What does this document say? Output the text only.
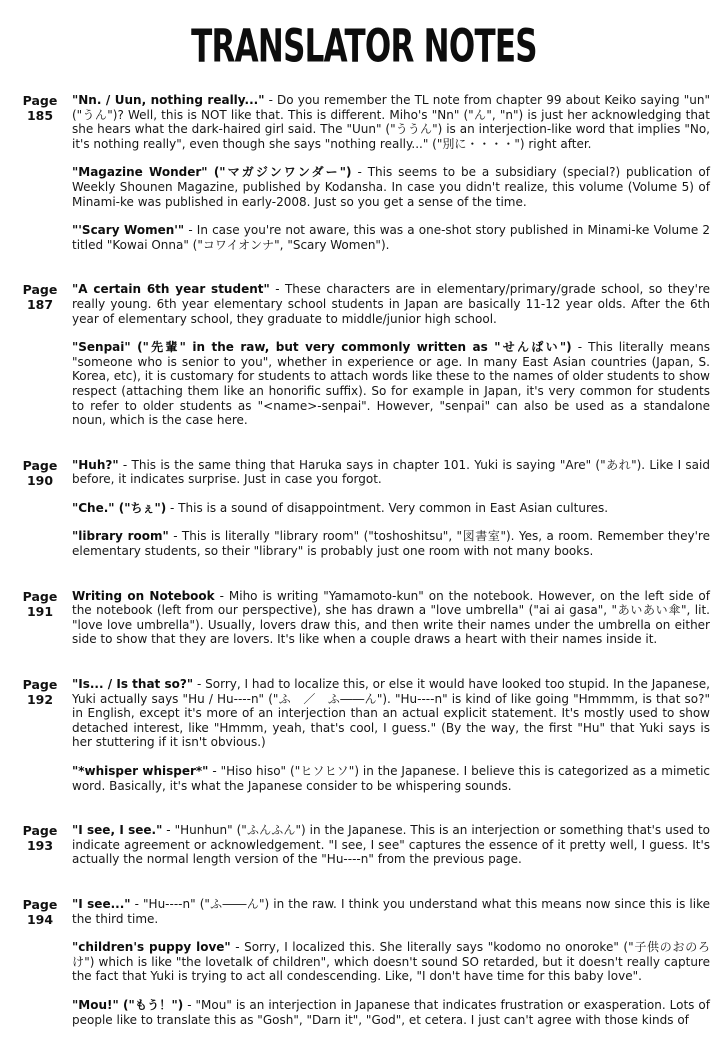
TRANSLATOR NOTES
Page
185

"Nn. / Uun, nothing really..." - Do you remember the TL note from chapter 99 about Keiko saying "un" ("うん")? Well, this is NOT like that. This is different. Miho's "Nn" ("ん", "n") is just her acknowledging that she hears what the dark-haired girl said. The "Uun" ("ううん") is an interjection-like word that implies "No, it's nothing really", even though she says "nothing really..." ("別に・・・・") right after.

"Magazine Wonder" ("マガジンワンダー") - This seems to be a subsidiary (special?) publication of Weekly Shounen Magazine, published by Kodansha. In case you didn't realize, this volume (Volume 5) of Minami-ke was published in early-2008. Just so you get a sense of the time.

"'Scary Women'" - In case you're not aware, this was a one-shot story published in Minami-ke Volume 2 titled "Kowai Onna" ("コワイオンナ", "Scary Women").

Page
187

"A certain 6th year student" - These characters are in elementary/primary/grade school, so they're really young. 6th year elementary school students in Japan are basically 11-12 year olds. After the 6th year of elementary school, they graduate to middle/junior high school.

"Senpai" ("先輩" in the raw, but very commonly written as "せんぱい") - This literally means "someone who is senior to you", whether in experience or age. In many East Asian countries (Japan, S. Korea, etc), it is customary for students to attach words like these to the names of older students to show respect (attaching them like an honorific suffix). So for example in Japan, it's very common for students to refer to older students as "<name>-senpai". However, "senpai" can also be used as a standalone noun, which is the case here.

Page
190

"Huh?" - This is the same thing that Haruka says in chapter 101. Yuki is saying "Are" ("あれ"). Like I said before, it indicates surprise. Just in case you forgot.

"Che." ("ちぇ") - This is a sound of disappointment. Very common in East Asian cultures.

"library room" - This is literally "library room" ("toshoshitsu", "図書室"). Yes, a room. Remember they're elementary students, so their "library" is probably just one room with not many books.

Page
191

Writing on Notebook - Miho is writing "Yamamoto-kun" on the notebook. However, on the left side of the notebook (left from our perspective), she has drawn a "love umbrella" ("ai ai gasa", "あいあい傘", lit. "love love umbrella"). Usually, lovers draw this, and then write their names under the umbrella on either side to show that they are lovers. It's like when a couple draws a heart with their names inside it.

Page
192

"Is... / Is that so?" - Sorry, I had to localize this, or else it would have looked too stupid. In the Japanese, Yuki actually says "Hu / Hu----n" ("ふ　／　ふ――ん"). "Hu----n" is kind of like going "Hmmmm, is that so?" in English, except it's more of an interjection than an actual explicit statement. It's mostly used to show detached interest, like "Hmmm, yeah, that's cool, I guess." (By the way, the first "Hu" that Yuki says is her stuttering if it isn't obvious.)

"*whisper whisper*" - "Hiso hiso" ("ヒソヒソ") in the Japanese. I believe this is categorized as a mimetic word. Basically, it's what the Japanese consider to be whispering sounds.

Page
193

"I see, I see." - "Hunhun" ("ふんふん") in the Japanese. This is an interjection or something that's used to indicate agreement or acknowledgement. "I see, I see" captures the essence of it pretty well, I guess. It's actually the normal length version of the "Hu----n" from the previous page.

Page
194

"I see..." - "Hu----n" ("ふ――ん") in the raw. I think you understand what this means now since this is like the third time.

"children's puppy love" - Sorry, I localized this. She literally says "kodomo no onoroke" ("子供のおのろけ") which is like "the lovetalk of children", which doesn't sound SO retarded, but it doesn't really capture the fact that Yuki is trying to act all condescending. Like, "I don't have time for this baby love".

"Mou!" ("もう！") - "Mou" is an interjection in Japanese that indicates frustration or exasperation. Lots of people like to translate this as "Gosh", "Darn it", "God", et cetera. I just can't agree with those kinds of
